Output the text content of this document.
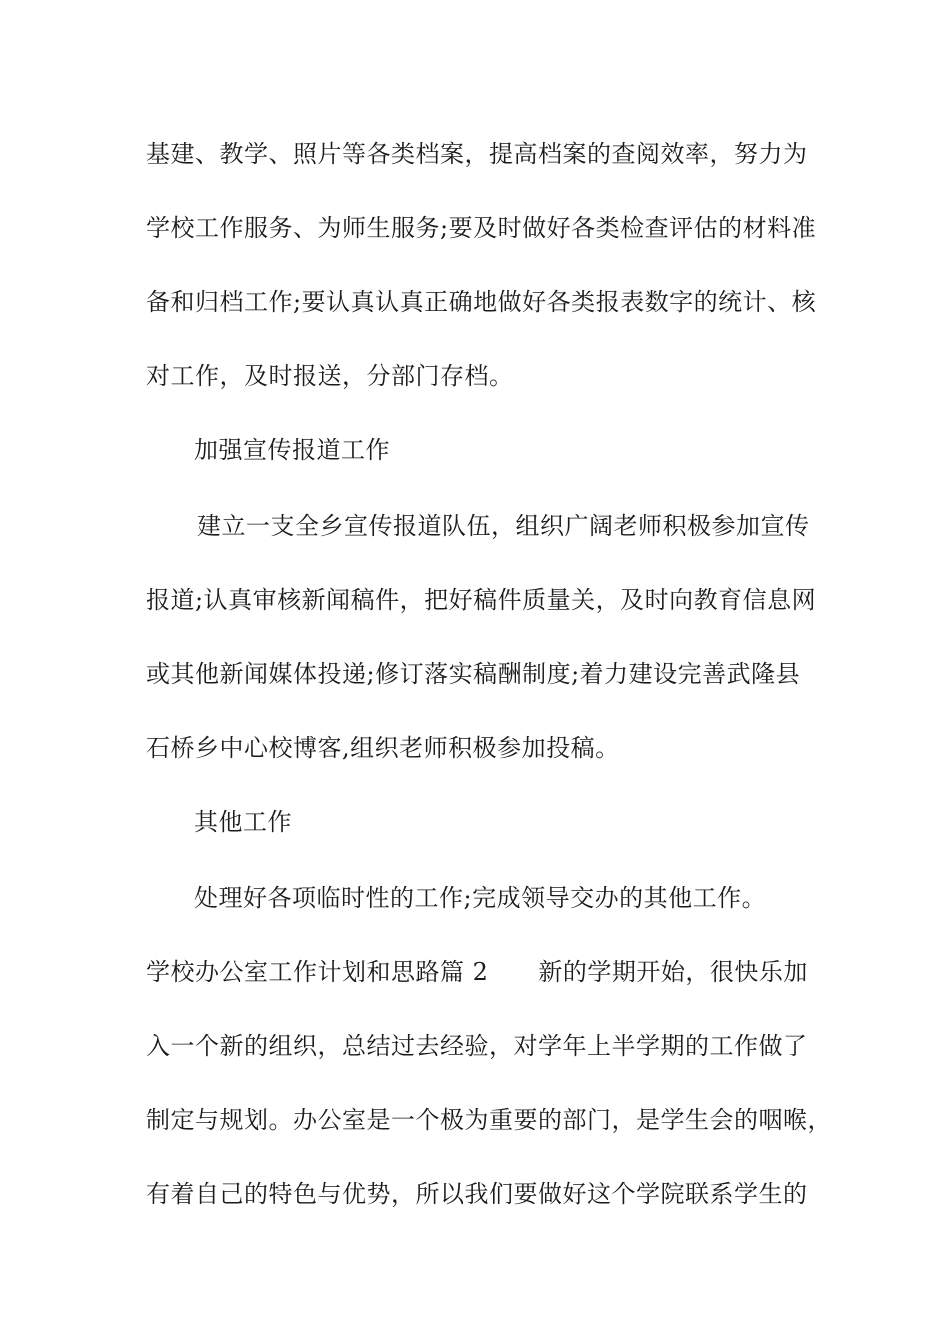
基建、教学、照片等各类档案，提高档案的查阅效率，努力为
学校工作服务、为师生服务;要及时做好各类检查评估的材料准
备和归档工作;要认真认真正确地做好各类报表数字的统计、核
对工作，及时报送，分部门存档。
加强宣传报道工作
建立一支全乡宣传报道队伍，组织广阔老师积极参加宣传
报道;认真审核新闻稿件，把好稿件质量关，及时向教育信息网
或其他新闻媒体投递;修订落实稿酬制度;着力建设完善武隆县
石桥乡中心校博客,组织老师积极参加投稿。
其他工作
处理好各项临时性的工作;完成领导交办的其他工作。
学校办公室工作计划和思路篇 2 新的学期开始，很快乐加
入一个新的组织，总结过去经验，对学年上半学期的工作做了
制定与规划。办公室是一个极为重要的部门，是学生会的咽喉，
有着自己的特色与优势，所以我们要做好这个学院联系学生的
